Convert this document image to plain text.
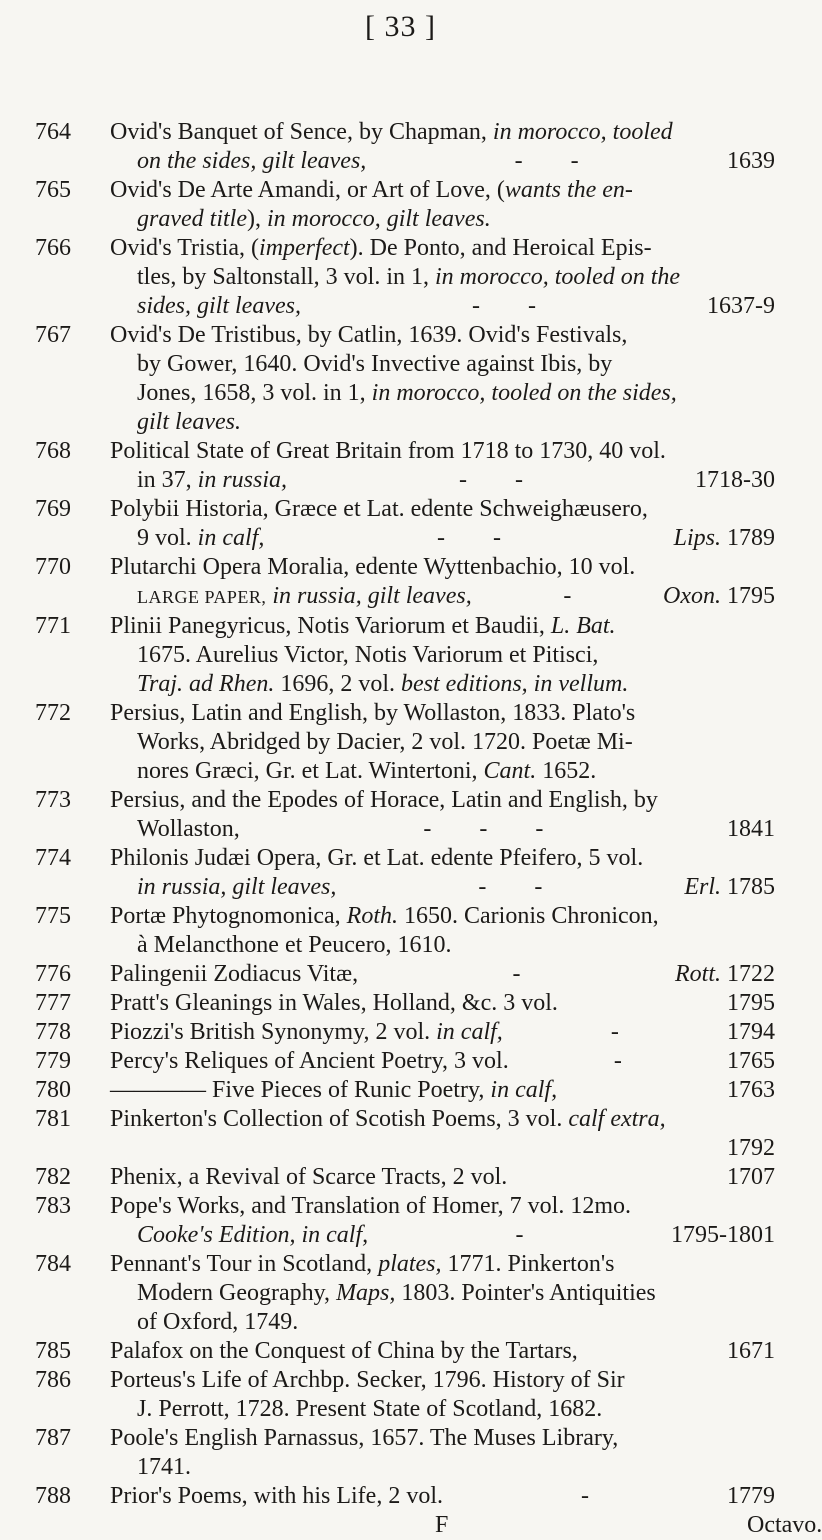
[ 33 ]
764	Ovid's Banquet of Sence, by Chapman, in morocco, tooled
on the sides, gilt leaves,	- -	1639
765	Ovid's De Arte Amandi, or Art of Love, (wants the en-
graved title), in morocco, gilt leaves.
766	Ovid's Tristia, (imperfect). De Ponto, and Heroical Epis-
tles, by Saltonstall, 3 vol. in 1, in morocco, tooled on the
sides, gilt leaves,	- -	1637-9
767	Ovid's De Tristibus, by Catlin, 1639. Ovid's Festivals,
by Gower, 1640. Ovid's Invective against Ibis, by
Jones, 1658, 3 vol. in 1, in morocco, tooled on the sides,
gilt leaves.
768	Political State of Great Britain from 1718 to 1730, 40 vol.
in 37, in russia,	- -	1718-30
769	Polybii Historia, Græce et Lat. edente Schweighæusero,
9 vol. in calf,	- -	Lips. 1789
770	Plutarchi Opera Moralia, edente Wyttenbachio, 10 vol.
LARGE PAPER, in russia, gilt leaves,	-	Oxon. 1795
771	Plinii Panegyricus, Notis Variorum et Baudii, L. Bat.
1675. Aurelius Victor, Notis Variorum et Pitisci,
Traj. ad Rhen. 1696, 2 vol. best editions, in vellum.
772	Persius, Latin and English, by Wollaston, 1833. Plato's
Works, Abridged by Dacier, 2 vol. 1720. Poetæ Mi-
nores Græci, Gr. et Lat. Wintertoni, Cant. 1652.
773	Persius, and the Epodes of Horace, Latin and English, by
Wollaston,	- - -	1841
774	Philonis Judæi Opera, Gr. et Lat. edente Pfeifero, 5 vol.
in russia, gilt leaves,	- -	Erl. 1785
775	Portæ Phytognomonica, Roth. 1650. Carionis Chronicon,
à Melancthone et Peucero, 1610.
776	Palingenii Zodiacus Vitæ,	-	Rott. 1722
777	Pratt's Gleanings in Wales, Holland, &c. 3 vol.	1795
778	Piozzi's British Synonymy, 2 vol. in calf,	-	1794
779	Percy's Reliques of Ancient Poetry, 3 vol.	-	1765
780	———— Five Pieces of Runic Poetry, in calf,	1763
781	Pinkerton's Collection of Scotish Poems, 3 vol. calf extra,
1792
782	Phenix, a Revival of Scarce Tracts, 2 vol.	1707
783	Pope's Works, and Translation of Homer, 7 vol. 12mo.
Cooke's Edition, in calf,	-	1795-1801
784	Pennant's Tour in Scotland, plates, 1771. Pinkerton's
Modern Geography, Maps, 1803. Pointer's Antiquities
of Oxford, 1749.
785	Palafox on the Conquest of China by the Tartars,	1671
786	Porteus's Life of Archbp. Secker, 1796. History of Sir
J. Perrott, 1728. Present State of Scotland, 1682.
787	Poole's English Parnassus, 1657. The Muses Library,
1741.
788	Prior's Poems, with his Life, 2 vol.	-	1779
F	Octavo.
